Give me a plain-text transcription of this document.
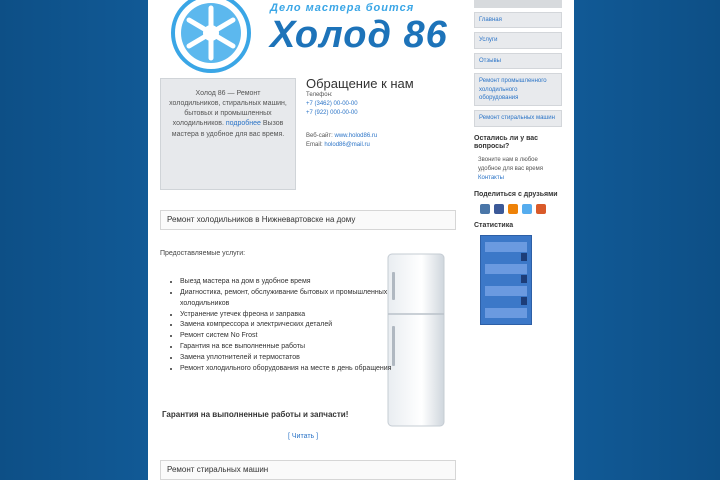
Дело мастера боится
Холод 86
Холод 86 — Ремонт холодильников, стиральных машин, бытовых и промышленных холодильников. подробнее Вызов мастера в удобное для вас время.
Обращение к нам
Телефон:
+7 (3462) 00-00-00
+7 (922) 000-00-00
Веб-сайт: www.holod86.ru
Email: holod86@mail.ru
Главная
Услуги
Отзывы
Ремонт промышленного холодильного оборудования
Ремонт стиральных машин
Остались ли у вас вопросы?
Звоните нам в любое удобное для вас время
Контакты
Поделиться с друзьями
Статистика
Ремонт холодильников в Нижневартовске на дому
Предоставляемые услуги:
• Выезд мастера на дом в удобное время
• Диагностика, ремонт, обслуживание бытовых и промышленных холодильников
• Устранение утечек фреона и заправка
• Замена компрессора и электрических деталей
• Ремонт систем No Frost
• Гарантия на все выполненные работы
• Замена уплотнителей и термостатов
• Ремонт холодильного оборудования на месте в день обращения
Гарантия на выполненные работы и запчасти!
[ Читать ]
Ремонт стиральных машин
